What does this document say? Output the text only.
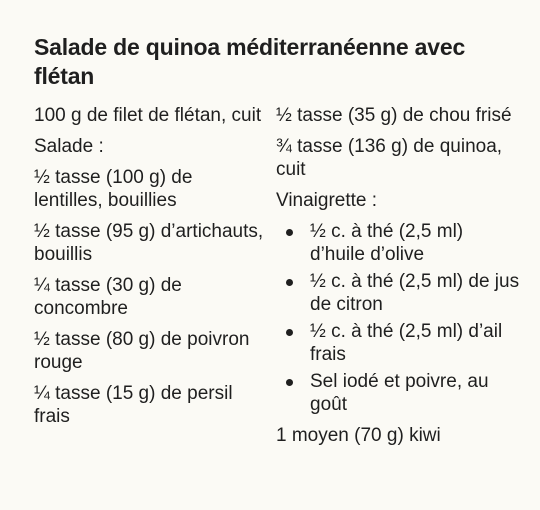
Salade de quinoa méditerranéenne avec flétan
100 g de filet de flétan, cuit
Salade :
½ tasse (100 g) de lentilles, bouillies
½ tasse (95 g) d’artichauts, bouillis
¼ tasse (30 g) de concombre
½ tasse (80 g) de poivron rouge
¼ tasse (15 g) de persil frais
½ tasse (35 g) de chou frisé
¾ tasse (136 g) de quinoa, cuit
Vinaigrette :
½ c. à thé (2,5 ml) d’huile d’olive
½ c. à thé (2,5 ml) de jus de citron
½ c. à thé (2,5 ml) d’ail frais
Sel iodé et poivre, au goût
1 moyen (70 g) kiwi
